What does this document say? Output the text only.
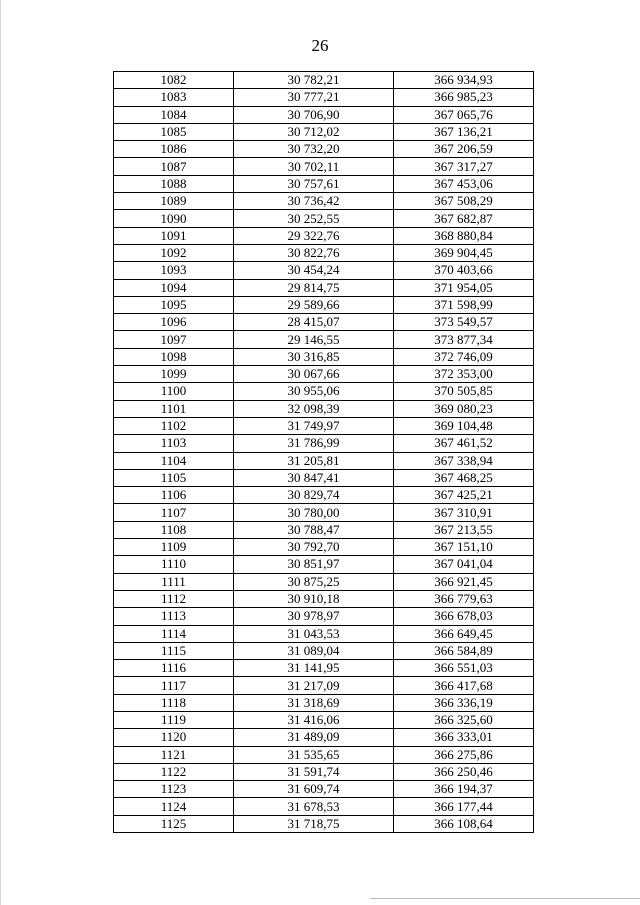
26
1082	30 782,21	366 934,93
1083	30 777,21	366 985,23
1084	30 706,90	367 065,76
1085	30 712,02	367 136,21
1086	30 732,20	367 206,59
1087	30 702,11	367 317,27
1088	30 757,61	367 453,06
1089	30 736,42	367 508,29
1090	30 252,55	367 682,87
1091	29 322,76	368 880,84
1092	30 822,76	369 904,45
1093	30 454,24	370 403,66
1094	29 814,75	371 954,05
1095	29 589,66	371 598,99
1096	28 415,07	373 549,57
1097	29 146,55	373 877,34
1098	30 316,85	372 746,09
1099	30 067,66	372 353,00
1100	30 955,06	370 505,85
1101	32 098,39	369 080,23
1102	31 749,97	369 104,48
1103	31 786,99	367 461,52
1104	31 205,81	367 338,94
1105	30 847,41	367 468,25
1106	30 829,74	367 425,21
1107	30 780,00	367 310,91
1108	30 788,47	367 213,55
1109	30 792,70	367 151,10
1110	30 851,97	367 041,04
1111	30 875,25	366 921,45
1112	30 910,18	366 779,63
1113	30 978,97	366 678,03
1114	31 043,53	366 649,45
1115	31 089,04	366 584,89
1116	31 141,95	366 551,03
1117	31 217,09	366 417,68
1118	31 318,69	366 336,19
1119	31 416,06	366 325,60
1120	31 489,09	366 333,01
1121	31 535,65	366 275,86
1122	31 591,74	366 250,46
1123	31 609,74	366 194,37
1124	31 678,53	366 177,44
1125	31 718,75	366 108,64
